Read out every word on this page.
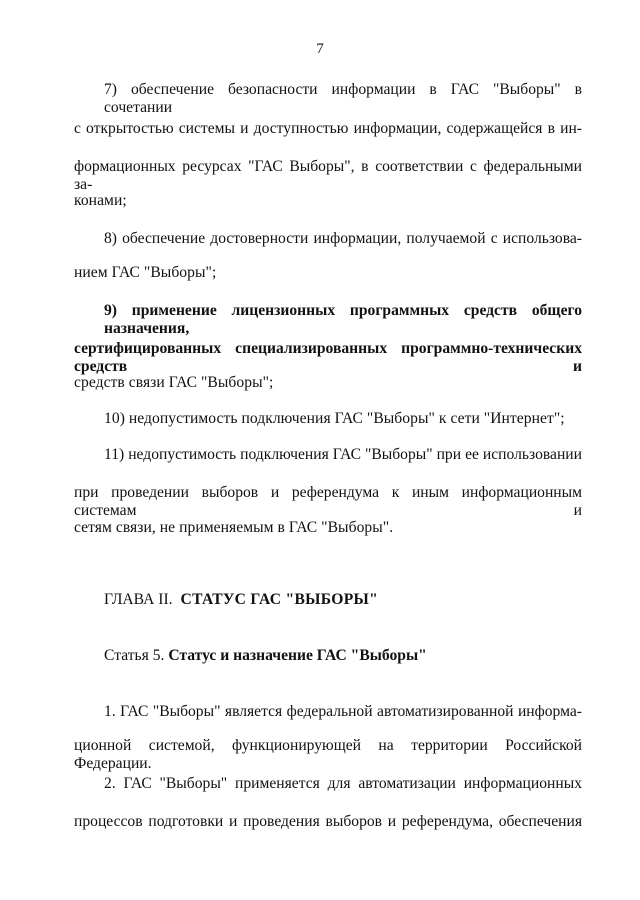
7
7) обеспечение безопасности информации в ГАС "Выборы" в сочетании
с открытостью системы и доступностью информации, содержащейся в ин-
формационных ресурсах "ГАС Выборы", в соответствии с федеральными за-
конами;
8) обеспечение достоверности информации, получаемой с использова-
нием ГАС "Выборы";
9) применение лицензионных программных средств общего назначения,
сертифицированных специализированных программно-технических средств и
средств связи ГАС "Выборы";
10) недопустимость подключения ГАС "Выборы" к сети "Интернет";
11) недопустимость подключения ГАС "Выборы" при ее использовании
при проведении выборов и референдума к иным информационным системам и
сетям связи, не применяемым в ГАС "Выборы".
ГЛАВА II. СТАТУС ГАС "ВЫБОРЫ"
Статья 5. Статус и назначение ГАС "Выборы"
1. ГАС "Выборы" является федеральной автоматизированной информа-
ционной системой, функционирующей на территории Российской Федерации.
2. ГАС "Выборы" применяется для автоматизации информационных
процессов подготовки и проведения выборов и референдума, обеспечения
